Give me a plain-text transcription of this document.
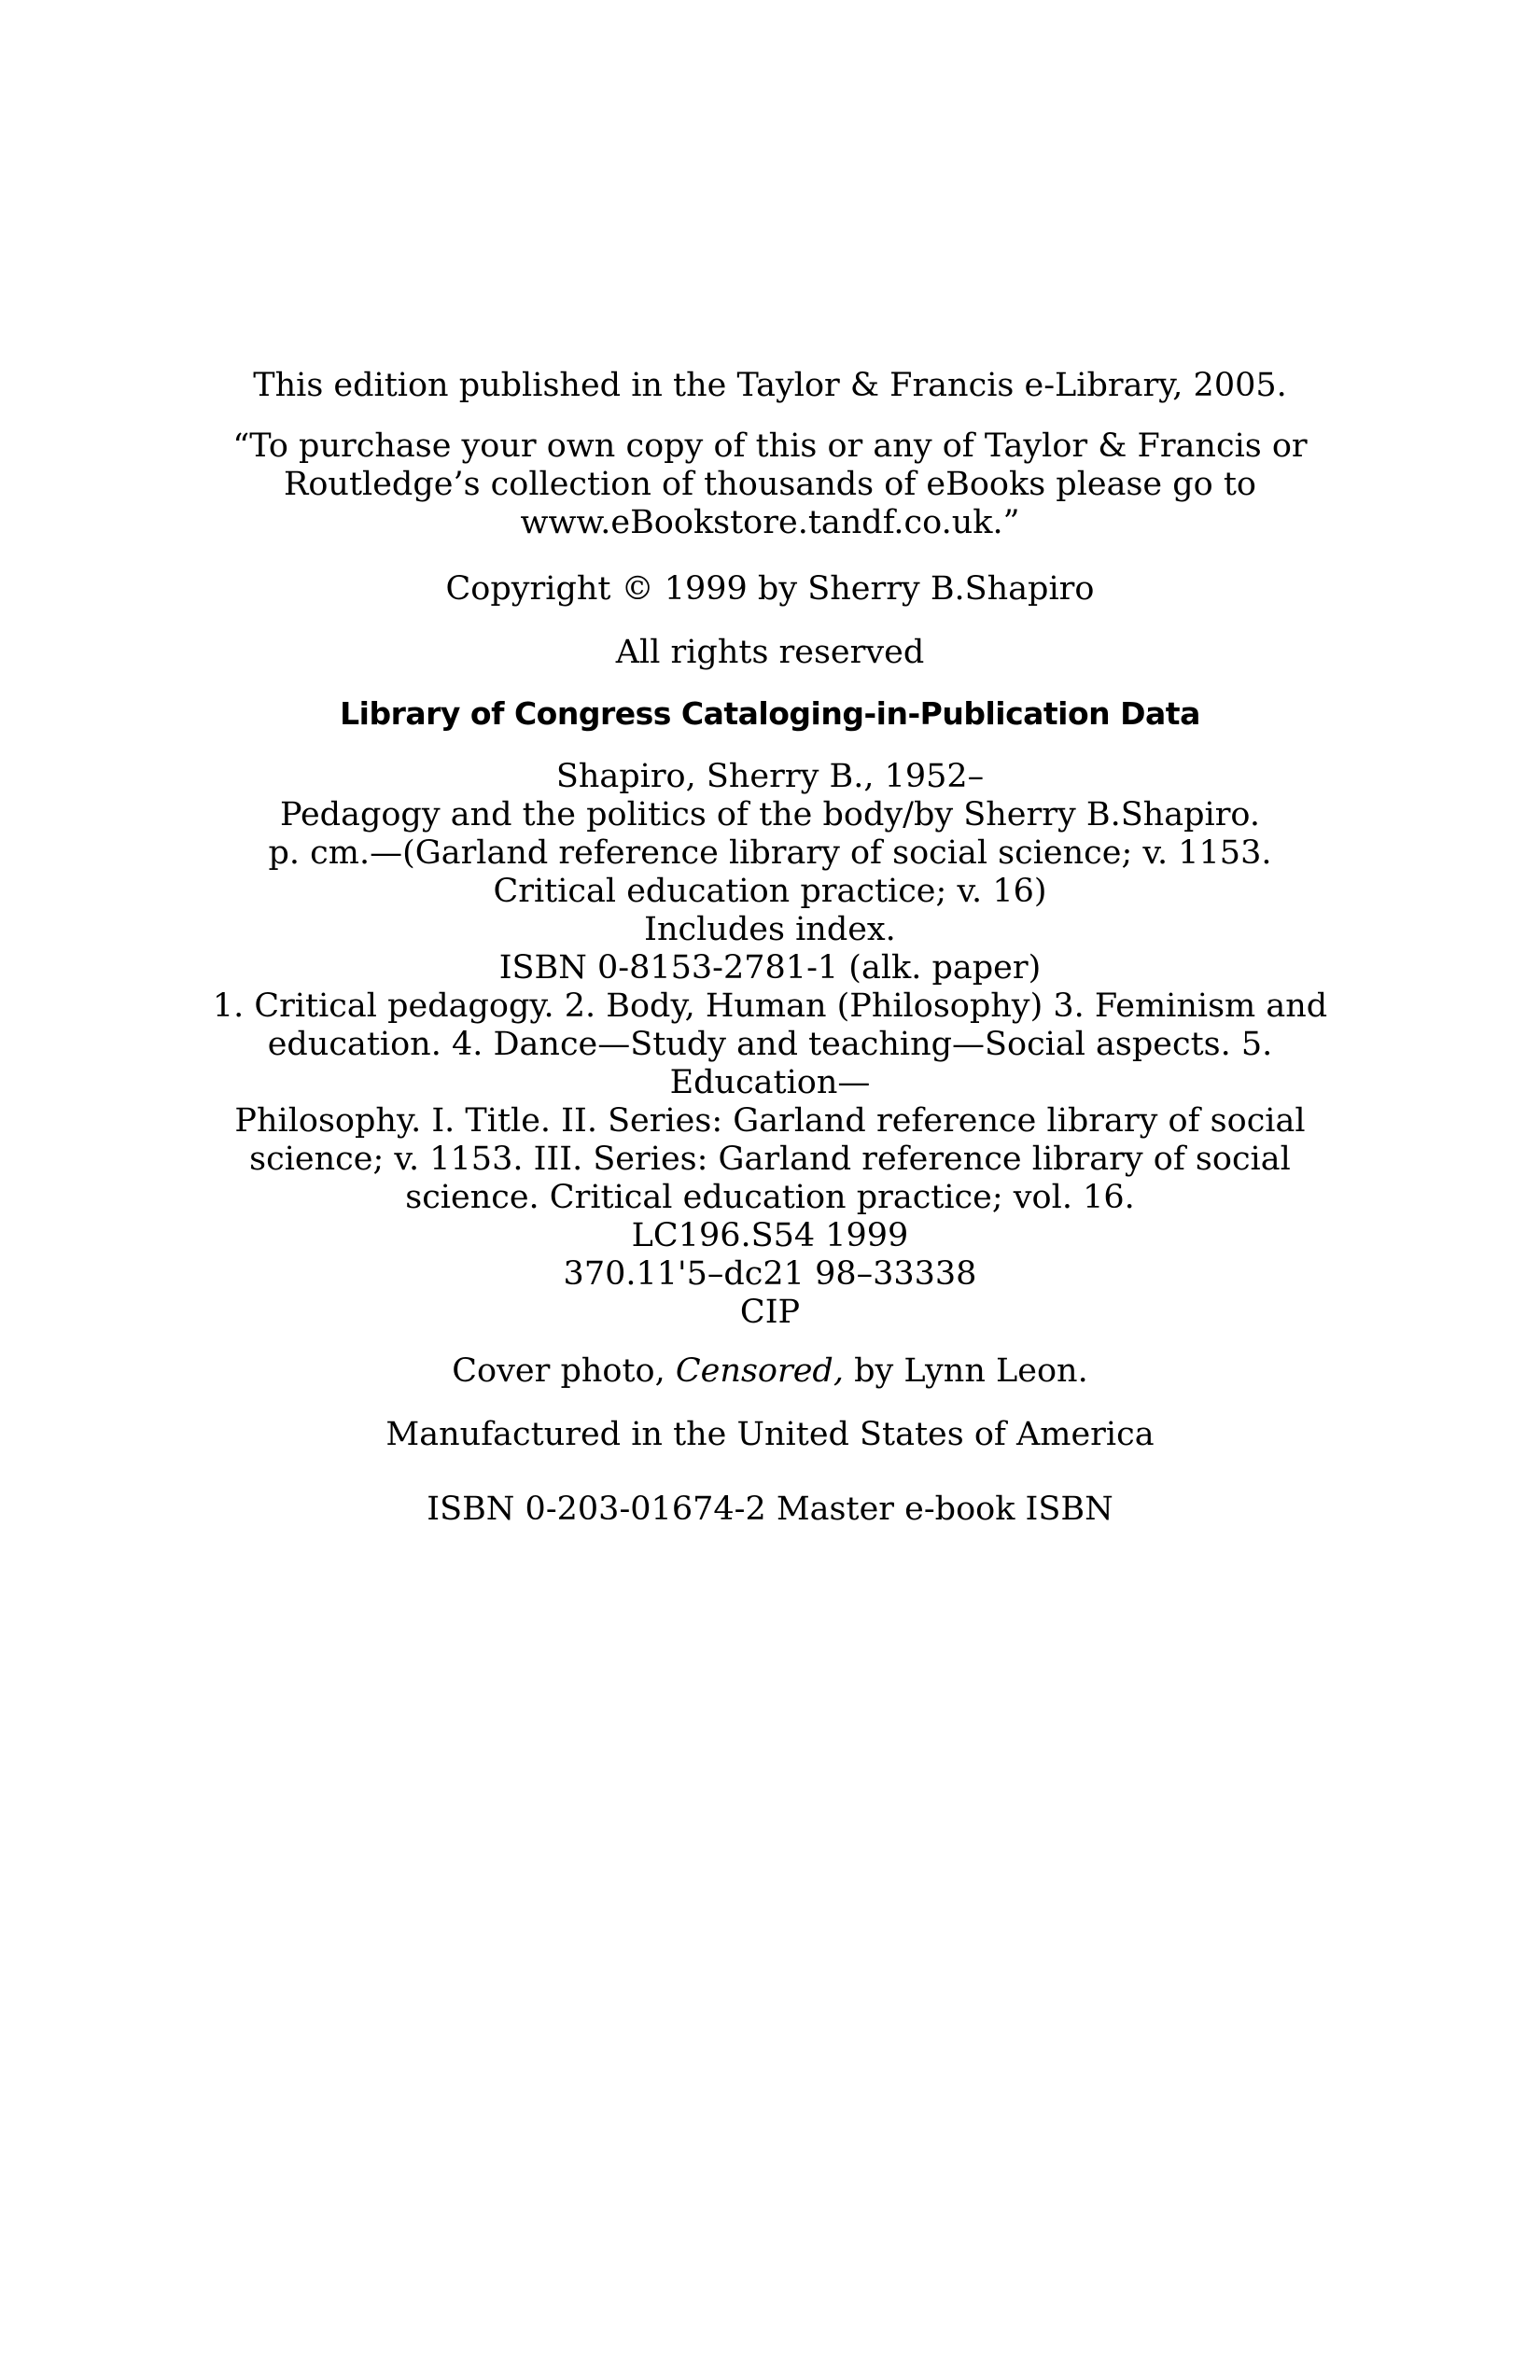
This edition published in the Taylor & Francis e-Library, 2005.
“To purchase your own copy of this or any of Taylor & Francis or
Routledge’s collection of thousands of eBooks please go to
www.eBookstore.tandf.co.uk.”
Copyright © 1999 by Sherry B.Shapiro
All rights reserved
Library of Congress Cataloging-in-Publication Data
Shapiro, Sherry B., 1952–
Pedagogy and the politics of the body/by Sherry B.Shapiro.
p. cm.—(Garland reference library of social science; v. 1153.
Critical education practice; v. 16)
Includes index.
ISBN 0-8153-2781-1 (alk. paper)
1. Critical pedagogy. 2. Body, Human (Philosophy) 3. Feminism and
education. 4. Dance—Study and teaching—Social aspects. 5.
Education—
Philosophy. I. Title. II. Series: Garland reference library of social
science; v. 1153. III. Series: Garland reference library of social
science. Critical education practice; vol. 16.
LC196.S54 1999
370.11'5–dc21 98–33338
CIP
Cover photo, Censored, by Lynn Leon.
Manufactured in the United States of America
ISBN 0-203-01674-2 Master e-book ISBN
